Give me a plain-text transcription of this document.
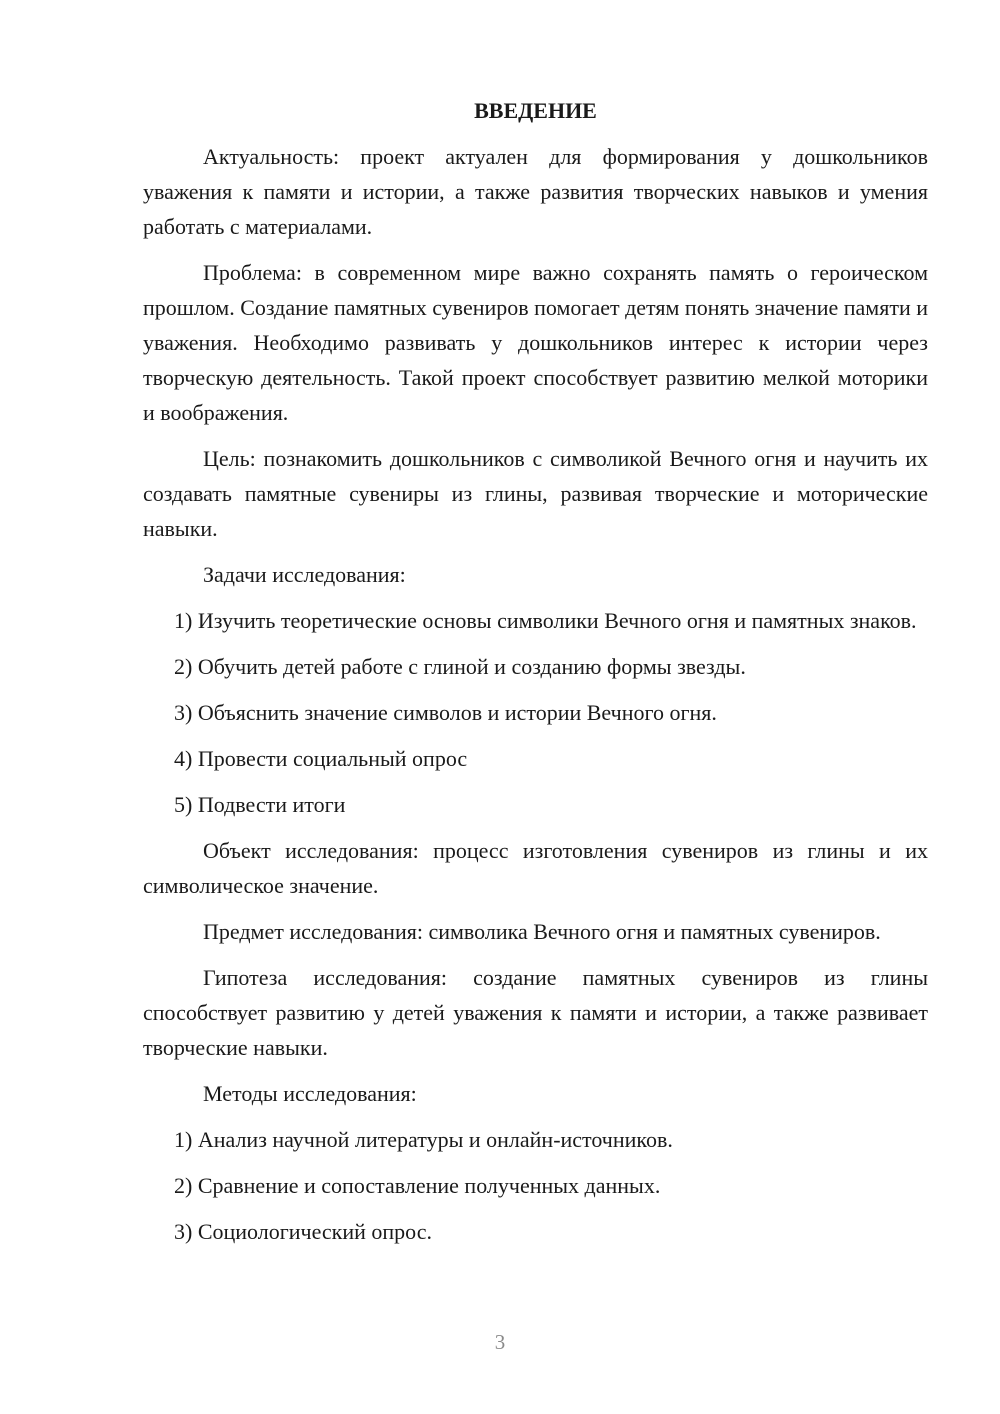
ВВЕДЕНИЕ

Актуальность: проект актуален для формирования у дошкольников уважения к памяти и истории, а также развития творческих навыков и умения работать с материалами.

Проблема: в современном мире важно сохранять память о героическом прошлом. Создание памятных сувениров помогает детям понять значение памяти и уважения. Необходимо развивать у дошкольников интерес к истории через творческую деятельность. Такой проект способствует развитию мелкой моторики и воображения.

Цель: познакомить дошкольников с символикой Вечного огня и научить их создавать памятные сувениры из глины, развивая творческие и моторические навыки.

Задачи исследования:

1) Изучить теоретические основы символики Вечного огня и памятных знаков.

2) Обучить детей работе с глиной и созданию формы звезды.

3) Объяснить значение символов и истории Вечного огня.

4) Провести социальный опрос

5) Подвести итоги

Объект исследования: процесс изготовления сувениров из глины и их символическое значение.

Предмет исследования: символика Вечного огня и памятных сувениров.

Гипотеза исследования: создание памятных сувениров из глины способствует развитию у детей уважения к памяти и истории, а также развивает творческие навыки.

Методы исследования:

1) Анализ научной литературы и онлайн-источников.

2) Сравнение и сопоставление полученных данных.

3) Социологический опрос.

3
